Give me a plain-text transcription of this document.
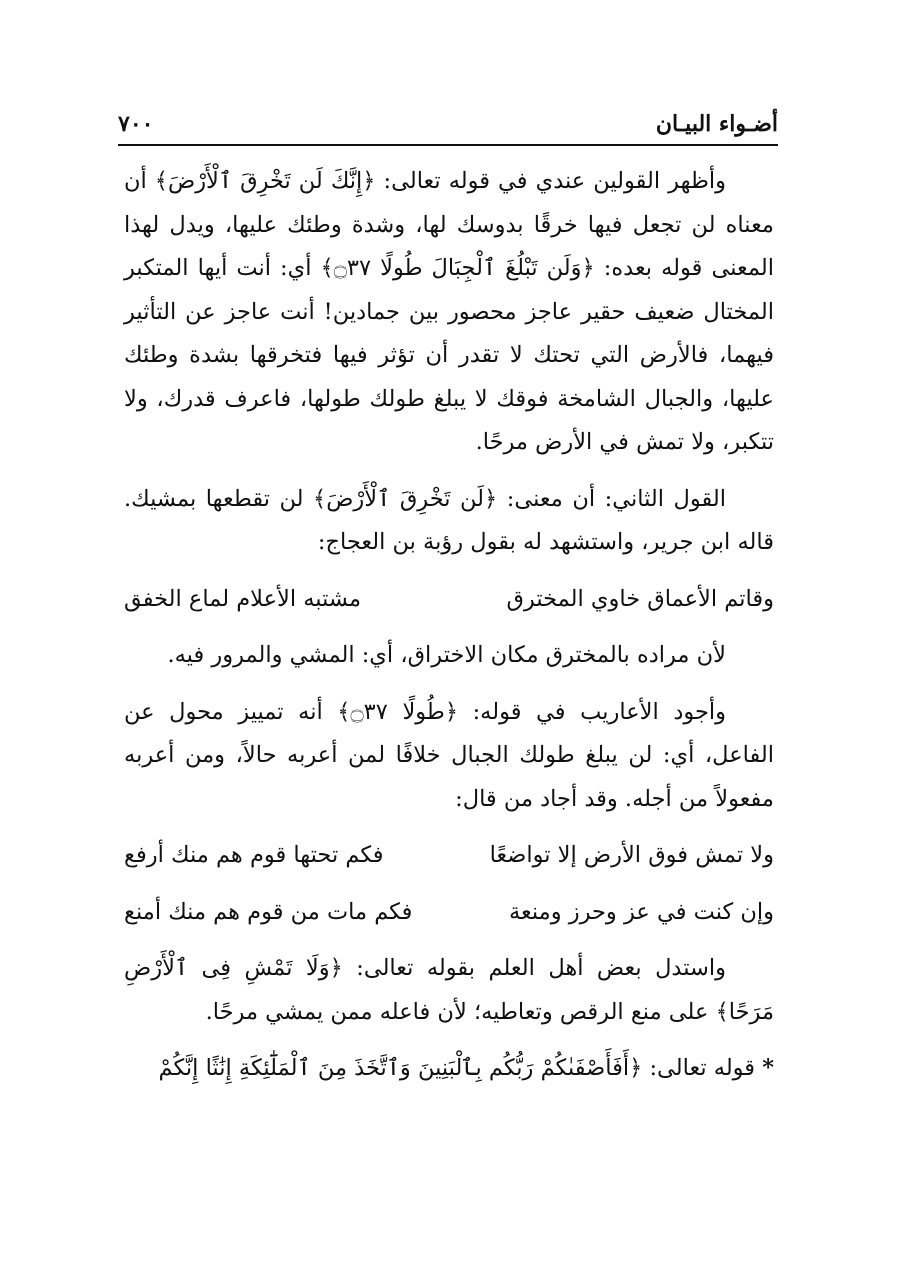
أضـواء البيـان
٧٠٠

وأظهر القولين عندي في قوله تعالى: ﴿إِنَّكَ لَن تَخْرِقَ ٱلْأَرْضَ﴾ أن معناه لن تجعل فيها خرقًا بدوسك لها، وشدة وطئك عليها، ويدل لهذا المعنى قوله بعده: ﴿وَلَن تَبْلُغَ ٱلْجِبَالَ طُولًا ۝٣٧﴾ أي: أنت أيها المتكبر المختال ضعيف حقير عاجز محصور بين جمادين! أنت عاجز عن التأثير فيهما، فالأرض التي تحتك لا تقدر أن تؤثر فيها فتخرقها بشدة وطئك عليها، والجبال الشامخة فوقك لا يبلغ طولك طولها، فاعرف قدرك، ولا تتكبر، ولا تمش في الأرض مرحًا.

القول الثاني: أن معنى: ﴿لَن تَخْرِقَ ٱلْأَرْضَ﴾ لن تقطعها بمشيك. قاله ابن جرير، واستشهد له بقول رؤبة بن العجاج:

وقاتم الأعماق خاوي المخترق
مشتبه الأعلام لماع الخفق

لأن مراده بالمخترق مكان الاختراق، أي: المشي والمرور فيه.

وأجود الأعاريب في قوله: ﴿طُولًا ۝٣٧﴾ أنه تمييز محول عن الفاعل، أي: لن يبلغ طولك الجبال خلافًا لمن أعربه حالاً، ومن أعربه مفعولاً من أجله. وقد أجاد من قال:

ولا تمش فوق الأرض إلا تواضعًا
فكم تحتها قوم هم منك أرفع
وإن كنت في عز وحرز ومنعة
فكم مات من قوم هم منك أمنع

واستدل بعض أهل العلم بقوله تعالى: ﴿وَلَا تَمْشِ فِى ٱلْأَرْضِ مَرَحًا﴾ على منع الرقص وتعاطيه؛ لأن فاعله ممن يمشي مرحًا.

* قوله تعالى: ﴿أَفَأَصْفَىٰكُمْ رَبُّكُم بِٱلْبَنِينَ وَٱتَّخَذَ مِنَ ٱلْمَلَٰٓئِكَةِ إِنَٰثًا إِنَّكُمْ
